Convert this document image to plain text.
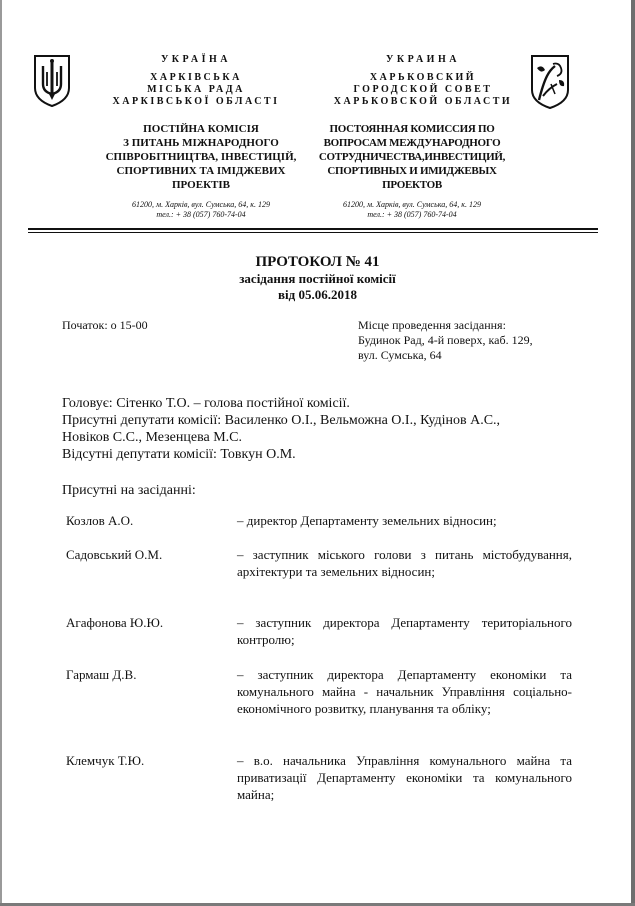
УКРАЇНА
ХАРКІВСЬКА
МІСЬКА РАДА
ХАРКІВСЬКОЇ ОБЛАСТІ
ПОСТІЙНА КОМІСІЯ
З ПИТАНЬ МІЖНАРОДНОГО
СПІВРОБІТНИЦТВА, ІНВЕСТИЦІЙ,
СПОРТИВНИХ ТА ІМІДЖЕВИХ
ПРОЕКТІВ
61200, м. Харків, вул. Сумська, 64, к. 129
тел.: + 38 (057) 760-74-04
УКРАИНА
ХАРЬКОВСКИЙ
ГОРОДСКОЙ СОВЕТ
ХАРЬКОВСКОЙ ОБЛАСТИ
ПОСТОЯННАЯ КОМИССИЯ ПО
ВОПРОСАМ МЕЖДУНАРОДНОГО
СОТРУДНИЧЕСТВА,ИНВЕСТИЦИЙ,
СПОРТИВНЫХ И ИМИДЖЕВЫХ
ПРОЕКТОВ
61200, м. Харків, вул. Сумська, 64, к. 129
тел.: + 38 (057) 760-74-04
ПРОТОКОЛ № 41
засідання постійної комісії
від 05.06.2018
Початок: о 15-00	Місце проведення засідання:
Будинок Рад, 4-й поверх, каб. 129,
вул. Сумська, 64
Головує: Сітенко Т.О. – голова постійної комісії.
Присутні депутати комісії: Василенко О.І., Вельможна О.І., Кудінов А.С.,
Новіков С.С., Мезенцева М.С.
Відсутні депутати комісії: Товкун О.М.
Присутні на засіданні:
Козлов А.О.	– директор Департаменту земельних відносин;
Садовський О.М.	– заступник міського голови з питань містобудування, архітектури та земельних відносин;
Агафонова Ю.Ю.	– заступник директора Департаменту територіального контролю;
Гармаш Д.В.	– заступник директора Департаменту економіки та комунального майна - начальник Управління соціально-економічного розвитку, планування та обліку;
Клемчук Т.Ю.	– в.о. начальника Управління комунального майна та приватизації Департаменту економіки та комунального майна;
